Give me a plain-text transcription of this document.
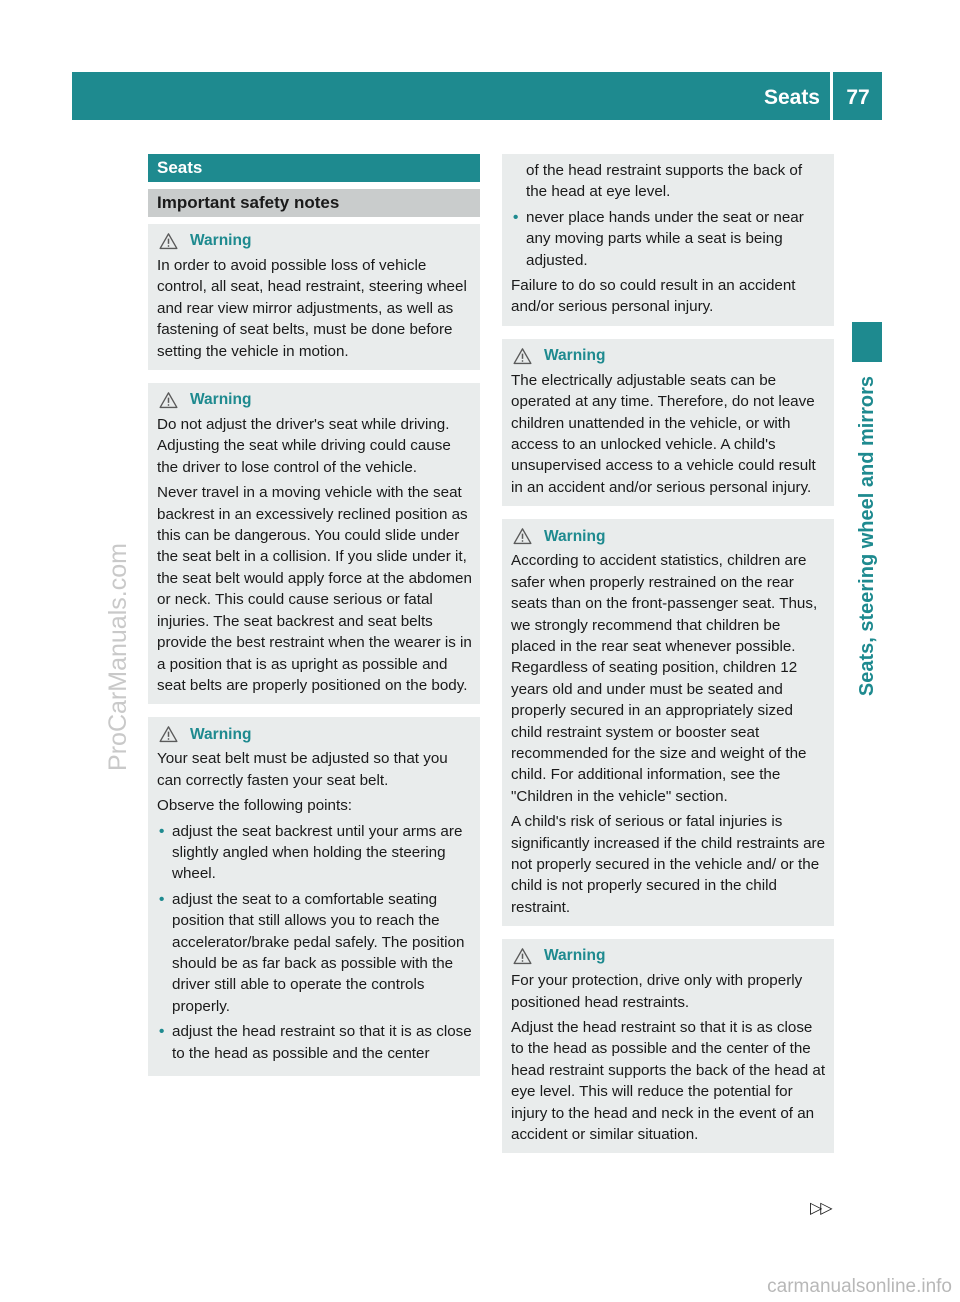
Seats	77
Seats, steering wheel and mirrors
ProCarManuals.com
Seats
Important safety notes
Warning

In order to avoid possible loss of vehicle control, all seat, head restraint, steering wheel and rear view mirror adjustments, as well as fastening of seat belts, must be done before setting the vehicle in motion.

Warning

Do not adjust the driver's seat while driving. Adjusting the seat while driving could cause the driver to lose control of the vehicle.

Never travel in a moving vehicle with the seat backrest in an excessively reclined position as this can be dangerous. You could slide under the seat belt in a collision. If you slide under it, the seat belt would apply force at the abdomen or neck. This could cause serious or fatal injuries. The seat backrest and seat belts provide the best restraint when the wearer is in a position that is as upright as possible and seat belts are properly positioned on the body.

Warning

Your seat belt must be adjusted so that you can correctly fasten your seat belt.

Observe the following points:

• adjust the seat backrest until your arms are slightly angled when holding the steering wheel.
• adjust the seat to a comfortable seating position that still allows you to reach the accelerator/brake pedal safely. The position should be as far back as possible with the driver still able to operate the controls properly.
• adjust the head restraint so that it is as close to the head as possible and the center
of the head restraint supports the back of the head at eye level.
• never place hands under the seat or near any moving parts while a seat is being adjusted.

Failure to do so could result in an accident and/or serious personal injury.

Warning

The electrically adjustable seats can be operated at any time. Therefore, do not leave children unattended in the vehicle, or with access to an unlocked vehicle. A child's unsupervised access to a vehicle could result in an accident and/or serious personal injury.

Warning

According to accident statistics, children are safer when properly restrained on the rear seats than on the front-passenger seat. Thus, we strongly recommend that children be placed in the rear seat whenever possible. Regardless of seating position, children 12 years old and under must be seated and properly secured in an appropriately sized child restraint system or booster seat recommended for the size and weight of the child. For additional information, see the "Children in the vehicle" section.

A child's risk of serious or fatal injuries is significantly increased if the child restraints are not properly secured in the vehicle and/ or the child is not properly secured in the child restraint.

Warning

For your protection, drive only with properly positioned head restraints.

Adjust the head restraint so that it is as close to the head as possible and the center of the head restraint supports the back of the head at eye level. This will reduce the potential for injury to the head and neck in the event of an accident or similar situation.

▷▷
carmanualsonline.info
